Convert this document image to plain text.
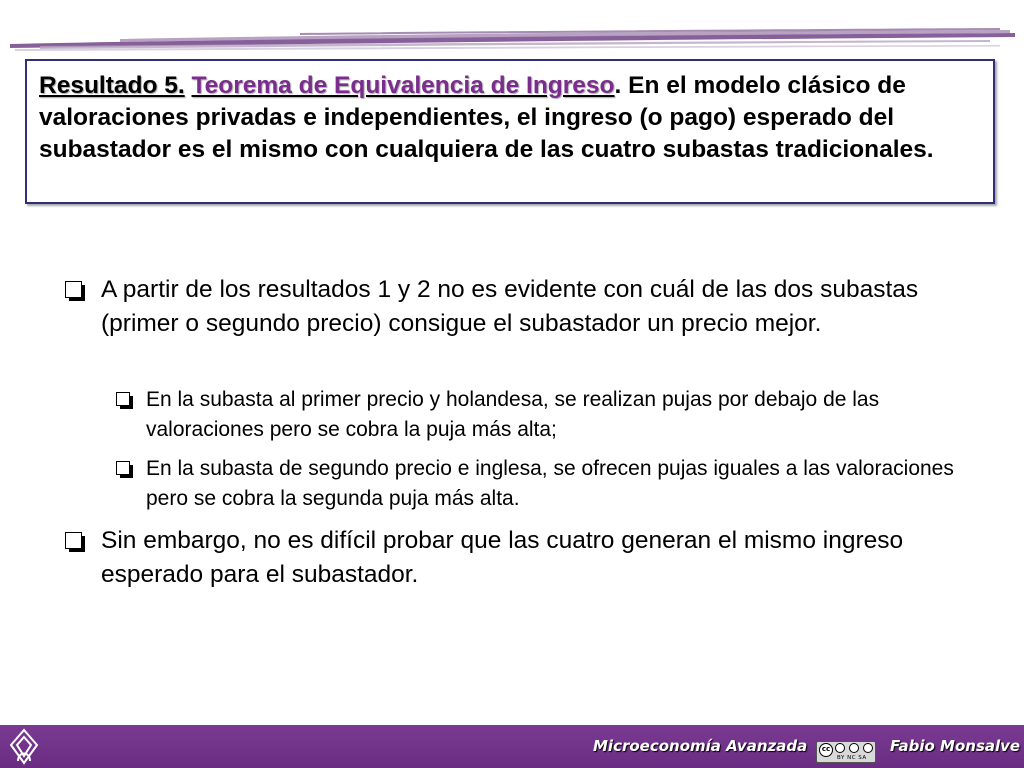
Resultado 5. Teorema de Equivalencia de Ingreso. En el modelo clásico de valoraciones privadas e independientes, el ingreso (o pago) esperado del subastador es el mismo con cualquiera de las cuatro subastas tradicionales.

A partir de los resultados 1 y 2 no es evidente con cuál de las dos subastas (primer o segundo precio) consigue el subastador un precio mejor.
En la subasta al primer precio y holandesa, se realizan pujas por debajo de las valoraciones pero se cobra la puja más alta;
En la subasta de segundo precio e inglesa, se ofrecen pujas iguales a las valoraciones pero se cobra la segunda puja más alta.
Sin embargo, no es difícil probar que las cuatro generan el mismo ingreso esperado para el subastador.
Microeconomía Avanzada	Fabio Monsalve
cc
BY NC SA
